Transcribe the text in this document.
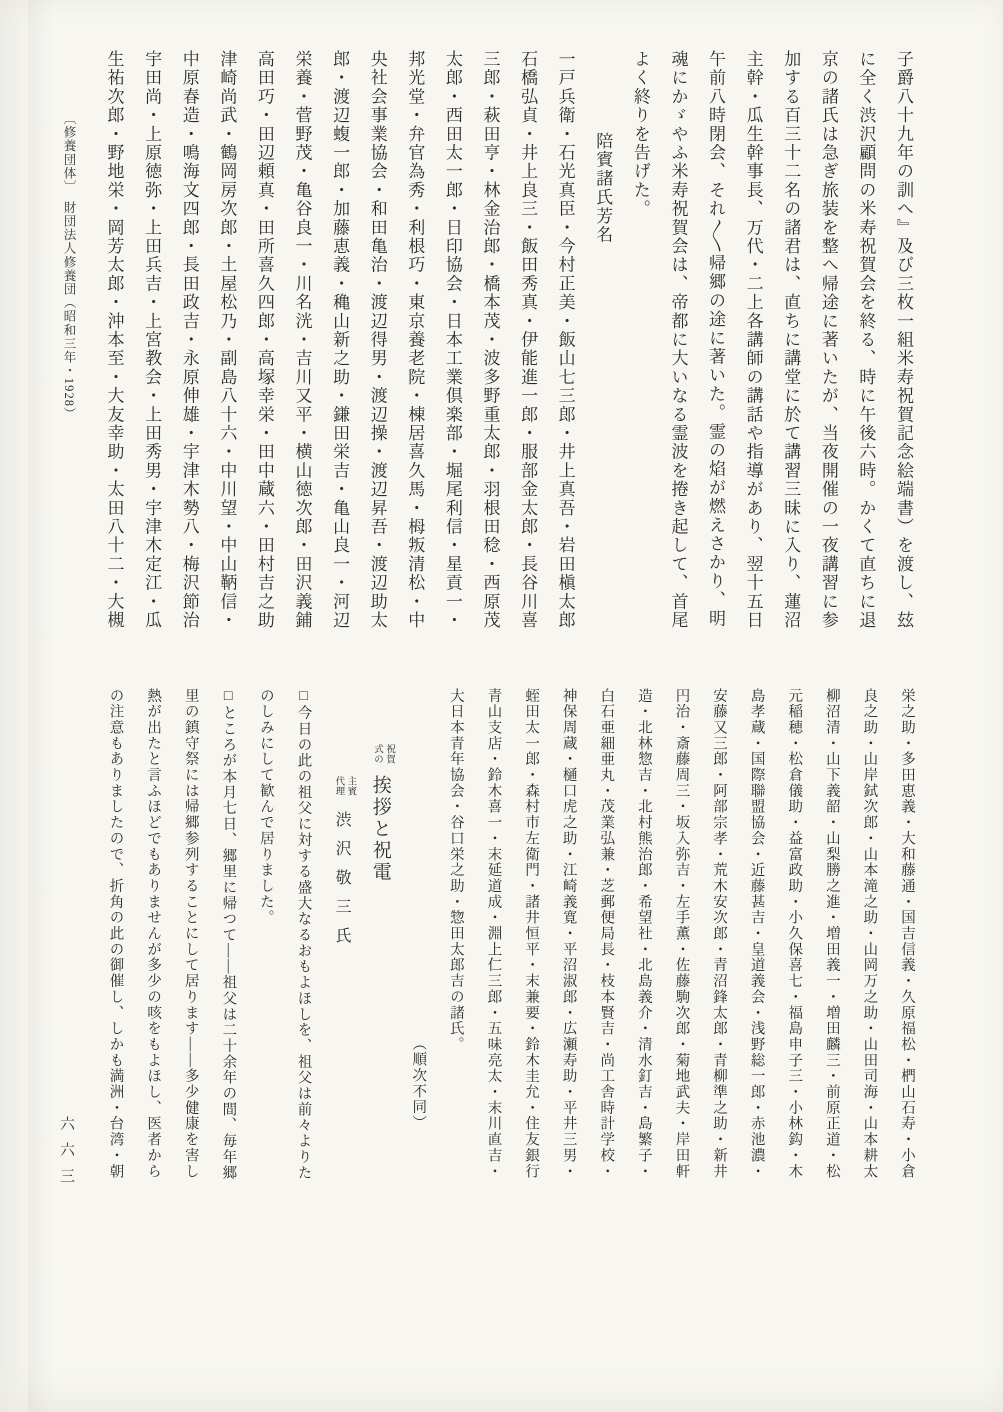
子爵八十九年の訓へ』及び三枚一組米寿祝賀記念絵端書）を渡し、玆

に全く渋沢顧問の米寿祝賀会を終る、時に午後六時。かくて直ちに退

京の諸氏は急ぎ旅装を整へ帰途に著いたが、当夜開催の一夜講習に参

加する百三十二名の諸君は、直ちに講堂に於て講習三昧に入り、蓮沼

主幹・瓜生幹事長、万代・二上各講師の講話や指導があり、翌十五日

午前八時閉会、それ〱帰郷の途に著いた。霊の焰が燃えさかり、明

魂にかゞやふ米寿祝賀会は、帝都に大いなる霊波を捲き起して、首尾

よく終りを告げた。

陪賓諸氏芳名

一戸兵衛・石光真臣・今村正美・飯山七三郎・井上真吾・岩田槇太郎

石橋弘貞・井上良三・飯田秀真・伊能進一郎・服部金太郎・長谷川喜

三郎・萩田亨・林金治郎・橋本茂・波多野重太郎・羽根田稔・西原茂

太郎・西田太一郎・日印協会・日本工業倶楽部・堀尾利信・星貢一・

邦光堂・弁官為秀・利根巧・東京養老院・棟居喜久馬・栂叛清松・中

央社会事業協会・和田亀治・渡辺得男・渡辺操・渡辺昇吾・渡辺助太

郎・渡辺蝮一郎・加藤恵義・穐山新之助・鎌田栄吉・亀山良一・河辺

栄養・菅野茂・亀谷良一・川名洸・吉川又平・横山徳次郎・田沢義鋪

高田巧・田辺頼真・田所喜久四郎・高塚幸栄・田中蔵六・田村吉之助

津崎尚武・鶴岡房次郎・土屋松乃・副島八十六・中川望・中山鞆信・

中原春造・鳴海文四郎・長田政吉・永原伸雄・宇津木勢八・梅沢節治

宇田尚・上原徳弥・上田兵吉・上宮教会・上田秀男・宇津木定江・瓜

生祐次郎・野地栄・岡芳太郎・沖本至・大友幸助・太田八十二・大槻

〔修養団体〕　財団法人修養団（昭和三年・1928）

栄之助・多田恵義・大和藤通・国吉信義・久原福松・椚山石寿・小倉

良之助・山岸鉽次郎・山本滝之助・山岡万之助・山田司海・山本耕太

柳沼清・山下義韶・山梨勝之進・増田義一・増田麟三・前原正道・松

元稲穂・松倉儀助・益富政助・小久保喜七・福島申子三・小林鈎・木

島孝蔵・国際聯盟協会・近藤甚吉・皇道義会・浅野総一郎・赤池濃・

安藤又三郎・阿部宗孝・荒木安次郎・青沼鋒太郎・青柳準之助・新井

円治・斎藤周三・坂入弥吉・左手薫・佐藤駒次郎・菊地武夫・岸田軒

造・北林惣吉・北村熊治郎・希望社・北島義介・清水釘吉・島繁子・

白石亜細亜丸・茂業弘兼・芝郵便局長・枝本賢吉・尚工舎時計学校・

神保周蔵・樋口虎之助・江崎義寛・平沼淑郎・広瀬寿助・平井三男・

蛭田太一郎・森村市左衛門・諸井恒平・末兼要・鈴木圭允・住友銀行

青山支店・鈴木喜一・末延道成・淵上仁三郎・五味亮太・末川直吉・

大日本青年協会・谷口栄之助・惣田太郎吉の諸氏。

（順次不同）

祝賀
式の
挨拶と祝電

主賓
代理
渋沢敬三氏

□今日の此の祖父に対する盛大なるおもよほしを、祖父は前々よりた

のしみにして歓んで居りました。

□ところが本月七日、郷里に帰つて――祖父は二十余年の間、毎年郷

里の鎮守祭には帰郷参列することにして居ります――多少健康を害し

熱が出たと言ふほどでもありませんが多少の咳をもよほし、医者から

の注意もありましたので、折角の此の御催し、しかも満洲・台湾・朝

六六三
